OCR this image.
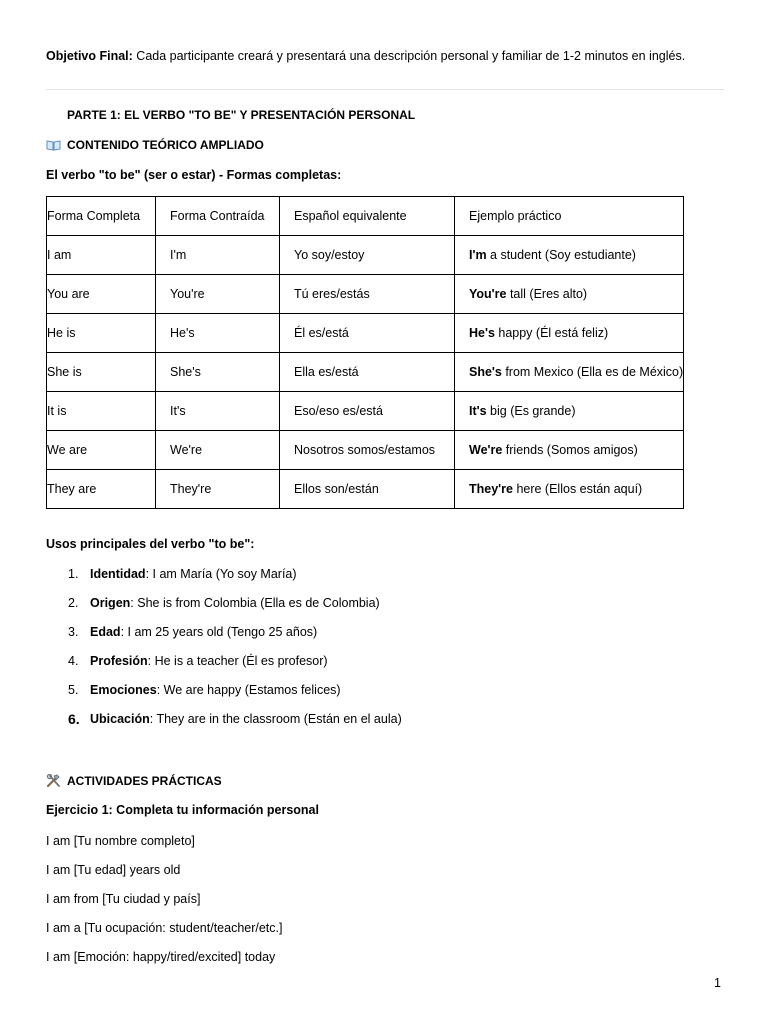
Objetivo Final: Cada participante creará y presentará una descripción personal y familiar de 1-2 minutos en inglés.
PARTE 1: EL VERBO "TO BE" Y PRESENTACIÓN PERSONAL
CONTENIDO TEÓRICO AMPLIADO
El verbo "to be" (ser o estar) - Formas completas:
Forma Completa	Forma Contraída	Español equivalente	Ejemplo práctico
I am	I'm	Yo soy/estoy	I'm a student (Soy estudiante)
You are	You're	Tú eres/estás	You're tall (Eres alto)
He is	He's	Él es/está	He's happy (Él está feliz)
She is	She's	Ella es/está	She's from Mexico (Ella es de México)
It is	It's	Eso/eso es/está	It's big (Es grande)
We are	We're	Nosotros somos/estamos	We're friends (Somos amigos)
They are	They're	Ellos son/están	They're here (Ellos están aquí)
Usos principales del verbo "to be":
1. Identidad: I am María (Yo soy María)
2. Origen: She is from Colombia (Ella es de Colombia)
3. Edad: I am 25 years old (Tengo 25 años)
4. Profesión: He is a teacher (Él es profesor)
5. Emociones: We are happy (Estamos felices)
6. Ubicación: They are in the classroom (Están en el aula)
ACTIVIDADES PRÁCTICAS
Ejercicio 1: Completa tu información personal
I am [Tu nombre completo]
I am [Tu edad] years old
I am from [Tu ciudad y país]
I am a [Tu ocupación: student/teacher/etc.]
I am [Emoción: happy/tired/excited] today
1
